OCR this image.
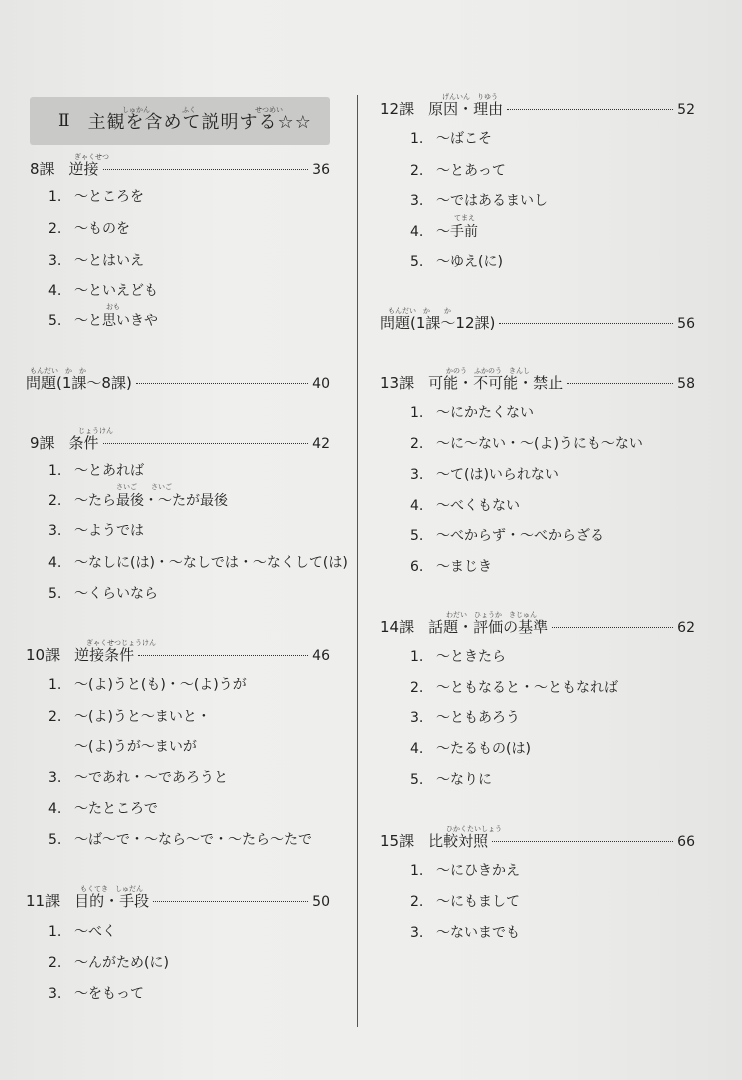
Ⅱ 主観を含めて説明する☆☆
しゅかん	ふく	せつめい
ぎゃくせつ
8課 逆接	36
1. 〜ところを
2. 〜ものを
3. 〜とはいえ
4. 〜といえども
おも
5. 〜と思いきや
もんだい　か　か
問題(1課〜8課)	40
じょうけん
9課 条件	42
1. 〜とあれば
さいご　　さいご
2. 〜たら最後・〜たが最後
3. 〜ようでは
4. 〜なしに(は)・〜なしでは・〜なくして(は)
5. 〜くらいなら
ぎゃくせつじょうけん
10課 逆接条件	46
1. 〜(よ)うと(も)・〜(よ)うが
2. 〜(よ)うと〜まいと・
〜(よ)うが〜まいが
3. 〜であれ・〜であろうと
4. 〜たところで
5. 〜ば〜で・〜なら〜で・〜たら〜たで
もくてき　しゅだん
11課 目的・手段	50
1. 〜べく
2. 〜んがため(に)
3. 〜をもって
げんいん　りゆう
12課 原因・理由	52
1. 〜ばこそ
2. 〜とあって
3. 〜ではあるまいし
てまえ
4. 〜手前
5. 〜ゆえ(に)
もんだい　か　　か
問題(1課〜12課)	56
かのう　ふかのう　きんし
13課 可能・不可能・禁止	58
1. 〜にかたくない
2. 〜に〜ない・〜(よ)うにも〜ない
3. 〜て(は)いられない
4. 〜べくもない
5. 〜べからず・〜べからざる
6. 〜まじき
わだい　ひょうか　きじゅん
14課 話題・評価の基準	62
1. 〜ときたら
2. 〜ともなると・〜ともなれば
3. 〜ともあろう
4. 〜たるもの(は)
5. 〜なりに
ひかくたいしょう
15課 比較対照	66
1. 〜にひきかえ
2. 〜にもまして
3. 〜ないまでも
